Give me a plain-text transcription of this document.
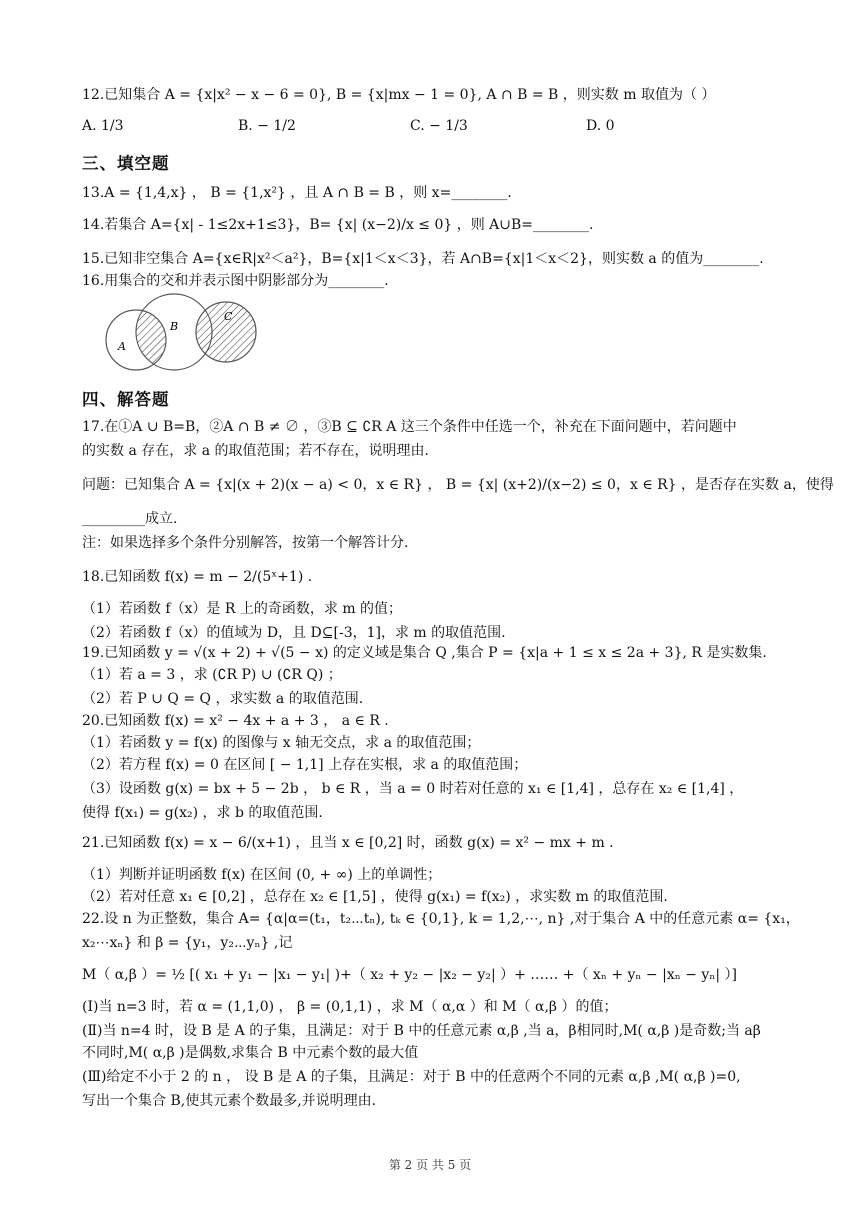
12.已知集合 A = {x|x² − x − 6 = 0}, B = {x|mx − 1 = 0}, A ∩ B = B ，则实数 m 取值为（ ）
A. 1/3	B. − 1/2	C. − 1/3	D. 0
三、填空题
13.A = {1,4,x} ， B = {1,x²} ，且 A ∩ B = B ，则 x=________.
14.若集合 A={x| ‑ 1≤2x+1≤3}，B= {x| (x−2)/x ≤ 0} ，则 A∪B=________.
15.已知非空集合 A={x∈R|x²＜a²}，B={x|1＜x＜3}，若 A∩B={x|1＜x＜2}，则实数 a 的值为________.
16.用集合的交和并表示图中阴影部分为________.
A
B
C
四、解答题
17.在①A ∪ B=B，②A ∩ B ≠ ∅ ，③B ⊆ ∁R A 这三个条件中任选一个，补充在下面问题中，若问题中
的实数 a 存在，求 a 的取值范围；若不存在，说明理由.
问题：已知集合 A = {x|(x + 2)(x − a) < 0，x ∈ R} ， B = {x| (x+2)/(x−2) ≤ 0，x ∈ R} ，是否存在实数 a，使得
_________成立.
注：如果选择多个条件分别解答，按第一个解答计分.
18.已知函数 f(x) = m − 2/(5ˣ+1) .
（1）若函数 f（x）是 R 上的奇函数，求 m 的值；
（2）若函数 f（x）的值域为 D，且 D⊆[-3，1]，求 m 的取值范围.
19.已知函数 y = √(x + 2) + √(5 − x) 的定义域是集合 Q ,集合 P = {x|a + 1 ≤ x ≤ 2a + 3}, R 是实数集.
（1）若 a = 3 ，求 (∁R P) ∪ (∁R Q) ；
（2）若 P ∪ Q = Q ，求实数 a 的取值范围.
20.已知函数 f(x) = x² − 4x + a + 3 ， a ∈ R .
（1）若函数 y = f(x) 的图像与 x 轴无交点，求 a 的取值范围；
（2）若方程 f(x) = 0 在区间 [ − 1,1] 上存在实根，求 a 的取值范围；
（3）设函数 g(x) = bx + 5 − 2b ， b ∈ R ，当 a = 0 时若对任意的 x₁ ∈ [1,4] ，总存在 x₂ ∈ [1,4] ，
使得 f(x₁) = g(x₂) ，求 b 的取值范围.
21.已知函数 f(x) = x − 6/(x+1) ，且当 x ∈ [0,2] 时，函数 g(x) = x² − mx + m .
（1）判断并证明函数 f(x) 在区间 (0, + ∞) 上的单调性；
（2）若对任意 x₁ ∈ [0,2] ，总存在 x₂ ∈ [1,5] ，使得 g(x₁) = f(x₂) ，求实数 m 的取值范围.
22.设 n 为正整数，集合 A= {α|α=(t₁，t₂⋯tₙ), tₖ ∈ {0,1}, k = 1,2,⋯, n} ,对于集合 A 中的任意元素 α= {x₁，
x₂⋯xₙ} 和 β = {y₁，y₂⋯yₙ} ,记
M（ α,β ）= ½ [( x₁ + y₁ − |x₁ − y₁| )+（ x₂ + y₂ − |x₂ − y₂| ）+ …… +（ xₙ + yₙ − |xₙ − yₙ| ）]
(Ⅰ)当 n=3 时，若 α = (1,1,0) ， β = (0,1,1) ，求 M（ α,α ）和 M（ α,β ）的值；
(Ⅱ)当 n=4 时，设 B 是 A 的子集，且满足：对于 B 中的任意元素 α,β ,当 a，β相同时,M( α,β )是奇数;当 aβ
不同时,M( α,β )是偶数,求集合 B 中元素个数的最大值
(Ⅲ)给定不小于 2 的 n ， 设 B 是 A 的子集，且满足：对于 B 中的任意两个不同的元素 α,β ,M( α,β )=0,
写出一个集合 B,使其元素个数最多,并说明理由.
第 2 页 共 5 页
